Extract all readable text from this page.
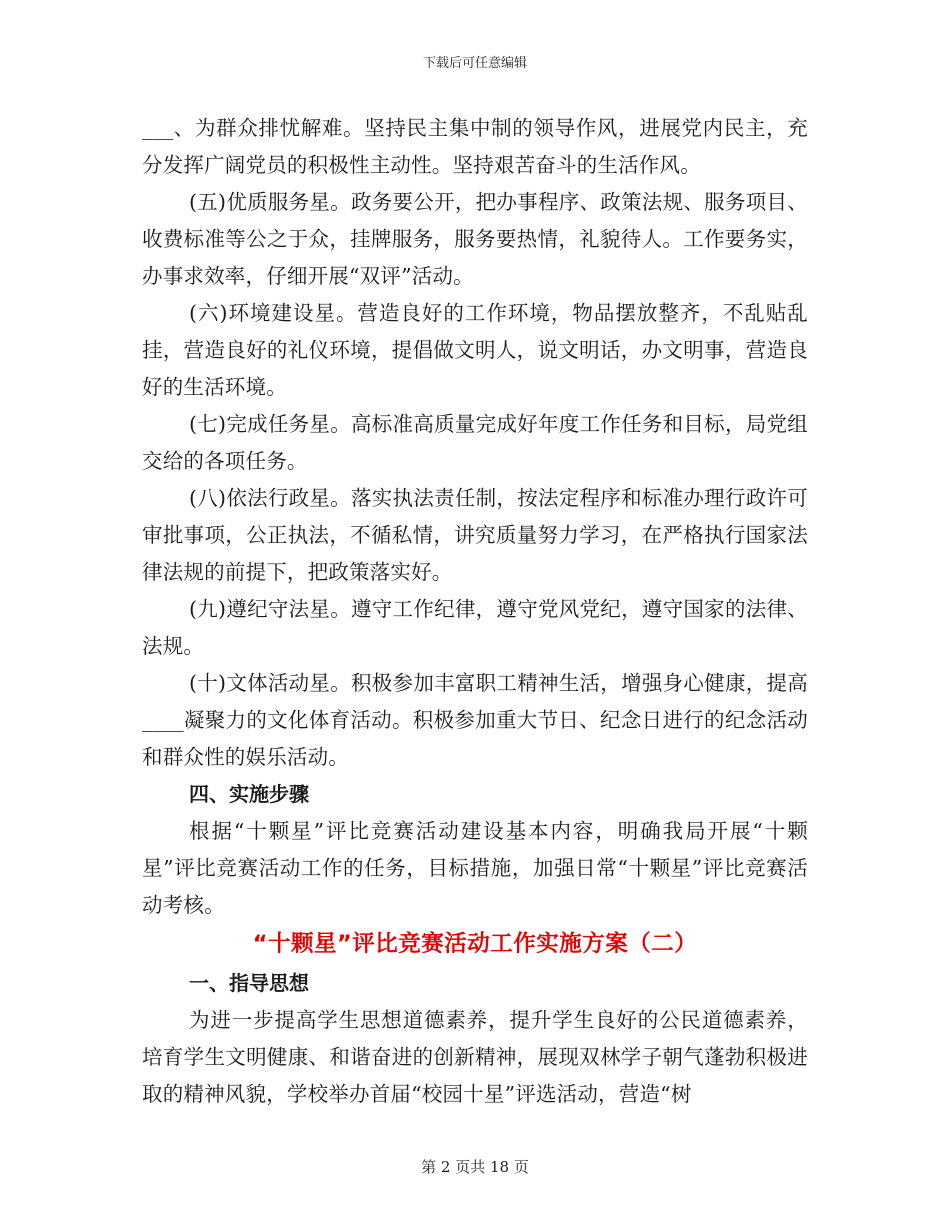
下载后可任意编辑

___、为群众排忧解难。坚持民主集中制的领导作风，进展党内民主，充分发挥广阔党员的积极性主动性。坚持艰苦奋斗的生活作风。

(五)优质服务星。政务要公开，把办事程序、政策法规、服务项目、收费标准等公之于众，挂牌服务，服务要热情，礼貌待人。工作要务实，办事求效率，仔细开展“双评”活动。

(六)环境建设星。营造良好的工作环境，物品摆放整齐，不乱贴乱挂，营造良好的礼仪环境，提倡做文明人，说文明话，办文明事，营造良好的生活环境。

(七)完成任务星。高标准高质量完成好年度工作任务和目标，局党组交给的各项任务。

(八)依法行政星。落实执法责任制，按法定程序和标准办理行政许可审批事项，公正执法，不循私情，讲究质量努力学习，在严格执行国家法律法规的前提下，把政策落实好。

(九)遵纪守法星。遵守工作纪律，遵守党风党纪，遵守国家的法律、法规。

(十)文体活动星。积极参加丰富职工精神生活，增强身心健康，提高____凝聚力的文化体育活动。积极参加重大节日、纪念日进行的纪念活动和群众性的娱乐活动。

四、实施步骤

根据“十颗星”评比竞赛活动建设基本内容，明确我局开展“十颗星”评比竞赛活动工作的任务，目标措施，加强日常“十颗星”评比竞赛活动考核。

“十颗星”评比竞赛活动工作实施方案（二）

一、指导思想

为进一步提高学生思想道德素养，提升学生良好的公民道德素养，培育学生文明健康、和谐奋进的创新精神，展现双林学子朝气蓬勃积极进取的精神风貌，学校举办首届“校园十星”评选活动，营造“树

第 2 页共 18 页
